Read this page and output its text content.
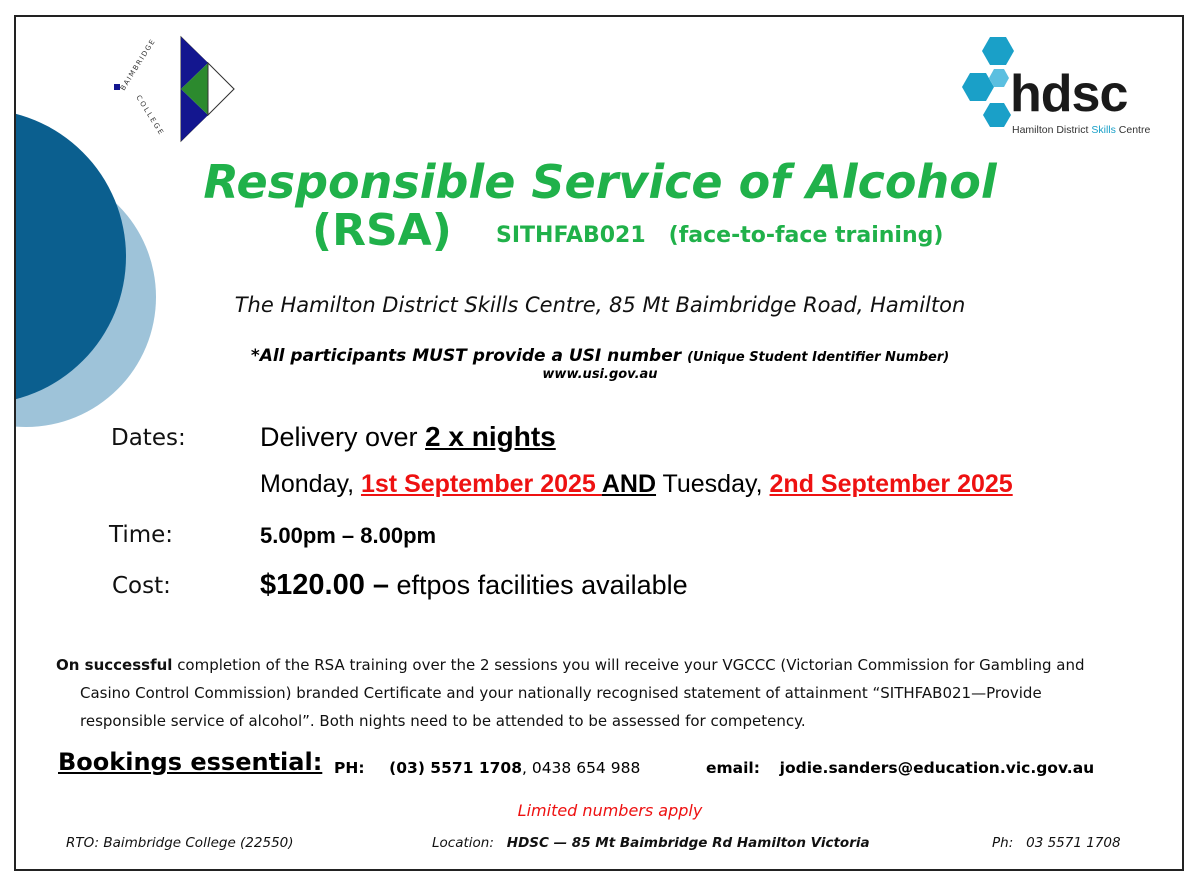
BAIMBRIDGE
COLLEGE	hdsc
Hamilton District Skills Centre
Responsible Service of Alcohol
(RSA) SITHFAB021 (face-to-face training)
The Hamilton District Skills Centre, 85 Mt Baimbridge Road, Hamilton
*All participants MUST provide a USI number (Unique Student Identifier Number)
www.usi.gov.au
Dates:	Delivery over 2 x nights
Monday, 1st September 2025 AND Tuesday, 2nd September 2025
Time:	5.00pm – 8.00pm
Cost:	$120.00 – eftpos facilities available
On successful completion of the RSA training over the 2 sessions you will receive your VGCCC (Victorian Commission for Gambling and
Casino Control Commission) branded Certificate and your nationally recognised statement of attainment “SITHFAB021—Provide
responsible service of alcohol”. Both nights need to be attended to be assessed for competency.
Bookings essential: PH: (03) 5571 1708, 0438 654 988	email: jodie.sanders@education.vic.gov.au
Limited numbers apply
RTO: Baimbridge College (22550)	Location: HDSC — 85 Mt Baimbridge Rd Hamilton Victoria	Ph: 03 5571 1708
